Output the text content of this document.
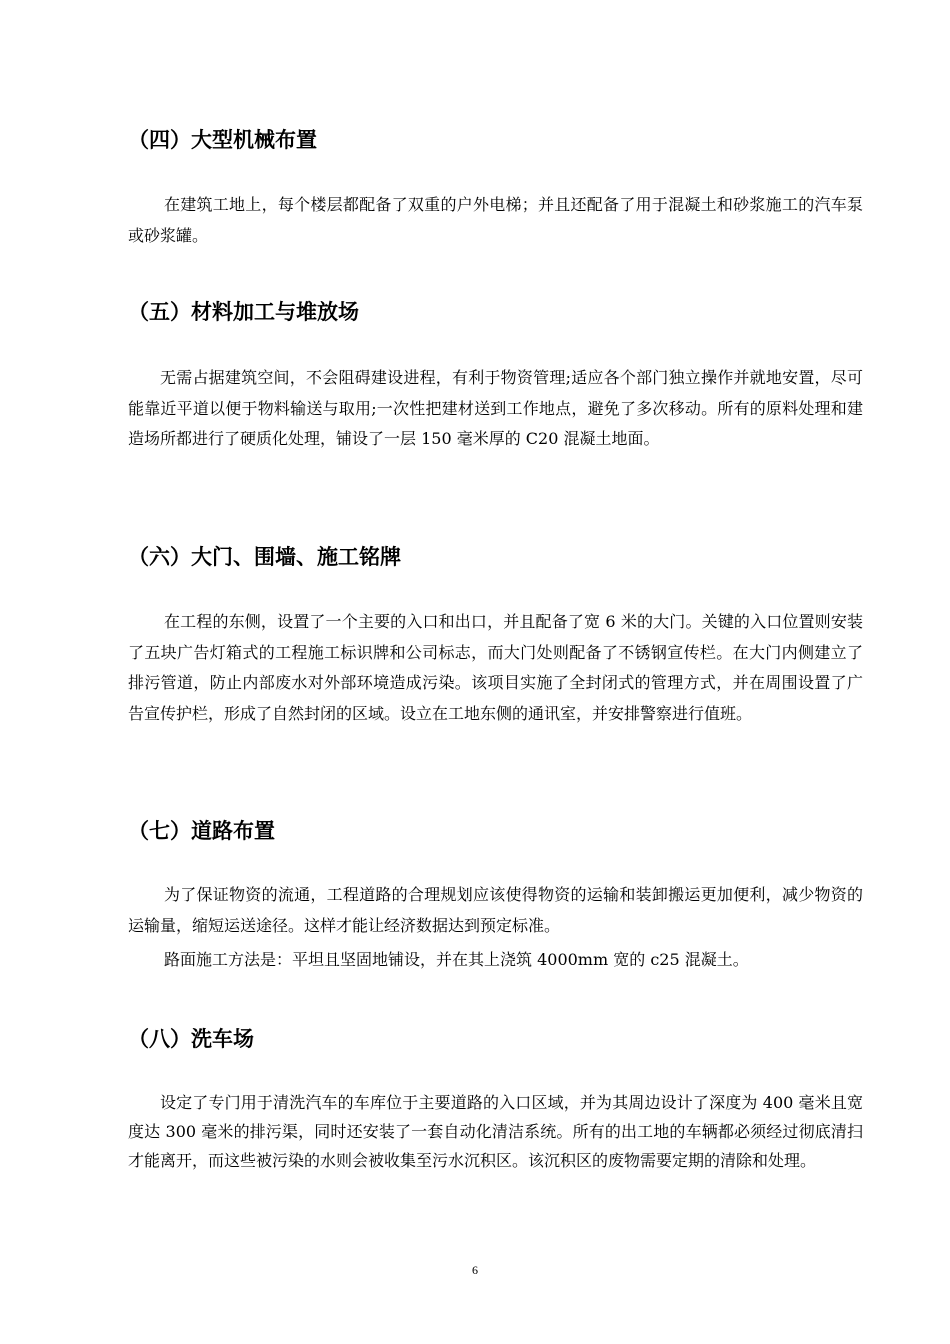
（四）大型机械布置

在建筑工地上，每个楼层都配备了双重的户外电梯；并且还配备了用于混凝土和砂浆施工的汽车泵或砂浆罐。

（五）材料加工与堆放场

无需占据建筑空间，不会阻碍建设进程，有利于物资管理;适应各个部门独立操作并就地安置，尽可能靠近平道以便于物料输送与取用;一次性把建材送到工作地点，避免了多次移动。所有的原料处理和建造场所都进行了硬质化处理，铺设了一层 150 毫米厚的 C20 混凝土地面。

（六）大门、围墙、施工铭牌

在工程的东侧，设置了一个主要的入口和出口，并且配备了宽 6 米的大门。关键的入口位置则安装了五块广告灯箱式的工程施工标识牌和公司标志，而大门处则配备了不锈钢宣传栏。在大门内侧建立了排污管道，防止内部废水对外部环境造成污染。该项目实施了全封闭式的管理方式，并在周围设置了广告宣传护栏，形成了自然封闭的区域。设立在工地东侧的通讯室，并安排警察进行值班。

（七）道路布置

为了保证物资的流通，工程道路的合理规划应该使得物资的运输和装卸搬运更加便利，减少物资的运输量，缩短运送途径。这样才能让经济数据达到预定标准。

路面施工方法是：平坦且坚固地铺设，并在其上浇筑 4000mm 宽的 c25 混凝土。

（八）洗车场

设定了专门用于清洗汽车的车库位于主要道路的入口区域，并为其周边设计了深度为 400 毫米且宽度达 300 毫米的排污渠，同时还安装了一套自动化清洁系统。所有的出工地的车辆都必须经过彻底清扫才能离开，而这些被污染的水则会被收集至污水沉积区。该沉积区的废物需要定期的清除和处理。

6
